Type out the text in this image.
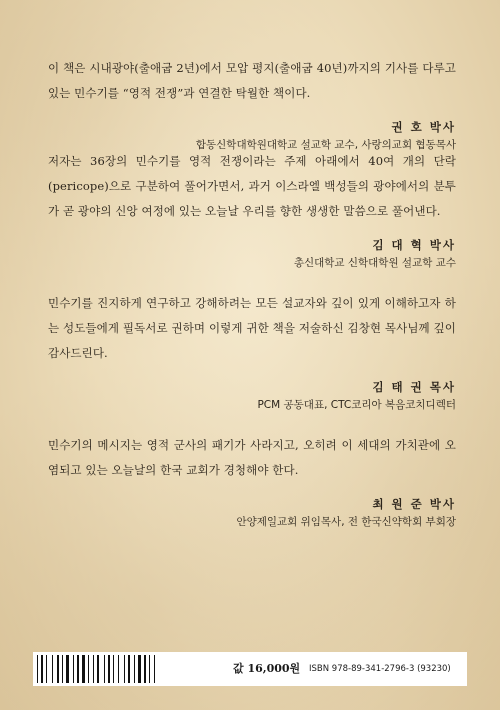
이 책은 시내광야(출애굽 2년)에서 모압 평지(출애굽 40년)까지의 기사를 다루고 있는 민수기를 “영적 전쟁”과 연결한 탁월한 책이다.

권 호 박사

합동신학대학원대학교 설교학 교수, 사랑의교회 협동목사

저자는 36장의 민수기를 영적 전쟁이라는 주제 아래에서 40여 개의 단락(pericope)으로 구분하여 풀어가면서, 과거 이스라엘 백성들의 광야에서의 분투가 곧 광야의 신앙 여정에 있는 오늘날 우리를 향한 생생한 말씀으로 풀어낸다.

김 대 혁 박사

총신대학교 신학대학원 설교학 교수

민수기를 진지하게 연구하고 강해하려는 모든 설교자와 깊이 있게 이해하고자 하는 성도들에게 필독서로 권하며 이렇게 귀한 책을 저술하신 김창현 목사님께 깊이 감사드린다.

김 태 권 목사

PCM 공동대표, CTC코리아 복음코치디렉터

민수기의 메시지는 영적 군사의 패기가 사라지고, 오히려 이 세대의 가치관에 오염되고 있는 오늘날의 한국 교회가 경청해야 한다.

최 원 준 박사

안양제일교회 위임목사, 전 한국신약학회 부회장

값 16,000원 ISBN 978-89-341-2796-3 (93230)
